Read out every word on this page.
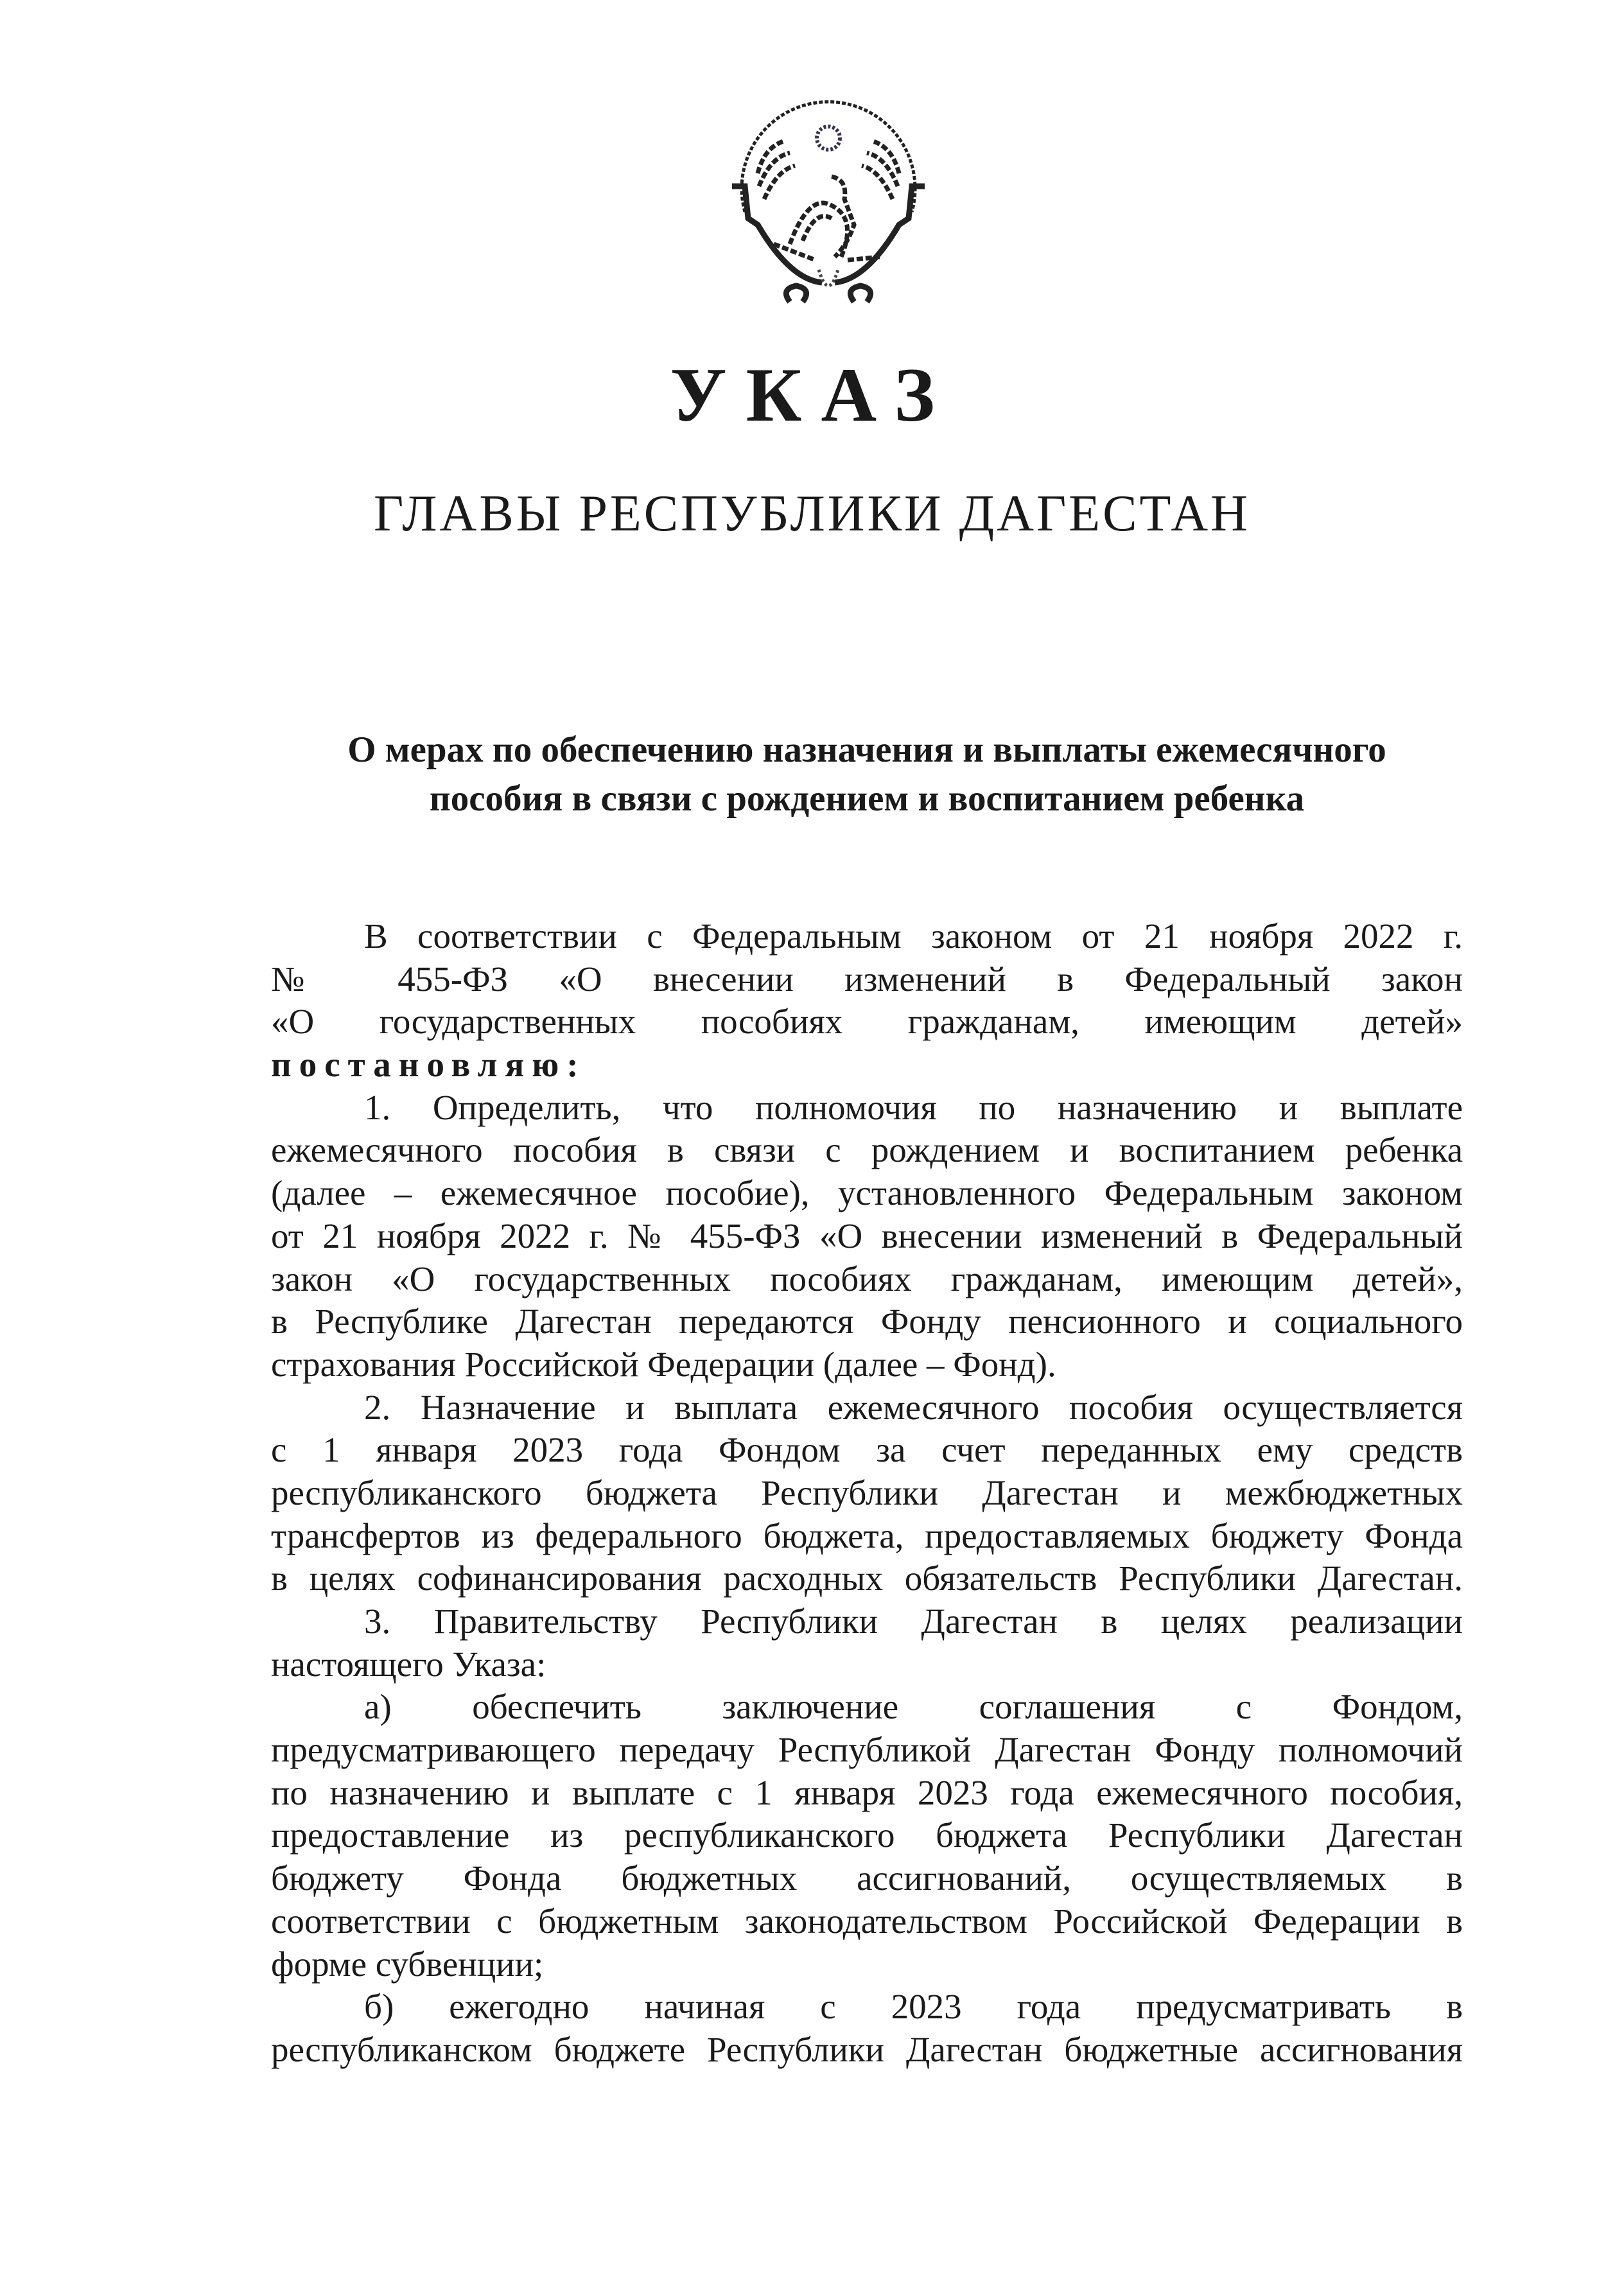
УКАЗ
ГЛАВЫ РЕСПУБЛИКИ ДАГЕСТАН
О мерах по обеспечению назначения и выплаты ежемесячного
пособия в связи с рождением и воспитанием ребенка
В соответствии с Федеральным законом от 21 ноября 2022 г.
№ 455-ФЗ «О внесении изменений в Федеральный закон
«О государственных пособиях гражданам, имеющим детей»
постановляю:
1. Определить, что полномочия по назначению и выплате
ежемесячного пособия в связи с рождением и воспитанием ребенка
(далее – ежемесячное пособие), установленного Федеральным законом
от 21 ноября 2022 г. № 455-ФЗ «О внесении изменений в Федеральный
закон «О государственных пособиях гражданам, имеющим детей»,
в Республике Дагестан передаются Фонду пенсионного и социального
страхования Российской Федерации (далее – Фонд).
2. Назначение и выплата ежемесячного пособия осуществляется
с 1 января 2023 года Фондом за счет переданных ему средств
республиканского бюджета Республики Дагестан и межбюджетных
трансфертов из федерального бюджета, предоставляемых бюджету Фонда
в целях софинансирования расходных обязательств Республики Дагестан.
3. Правительству Республики Дагестан в целях реализации
настоящего Указа:
а) обеспечить заключение соглашения с Фондом,
предусматривающего передачу Республикой Дагестан Фонду полномочий
по назначению и выплате с 1 января 2023 года ежемесячного пособия,
предоставление из республиканского бюджета Республики Дагестан
бюджету Фонда бюджетных ассигнований, осуществляемых в
соответствии с бюджетным законодательством Российской Федерации в
форме субвенции;
б) ежегодно начиная с 2023 года предусматривать в
республиканском бюджете Республики Дагестан бюджетные ассигнования
